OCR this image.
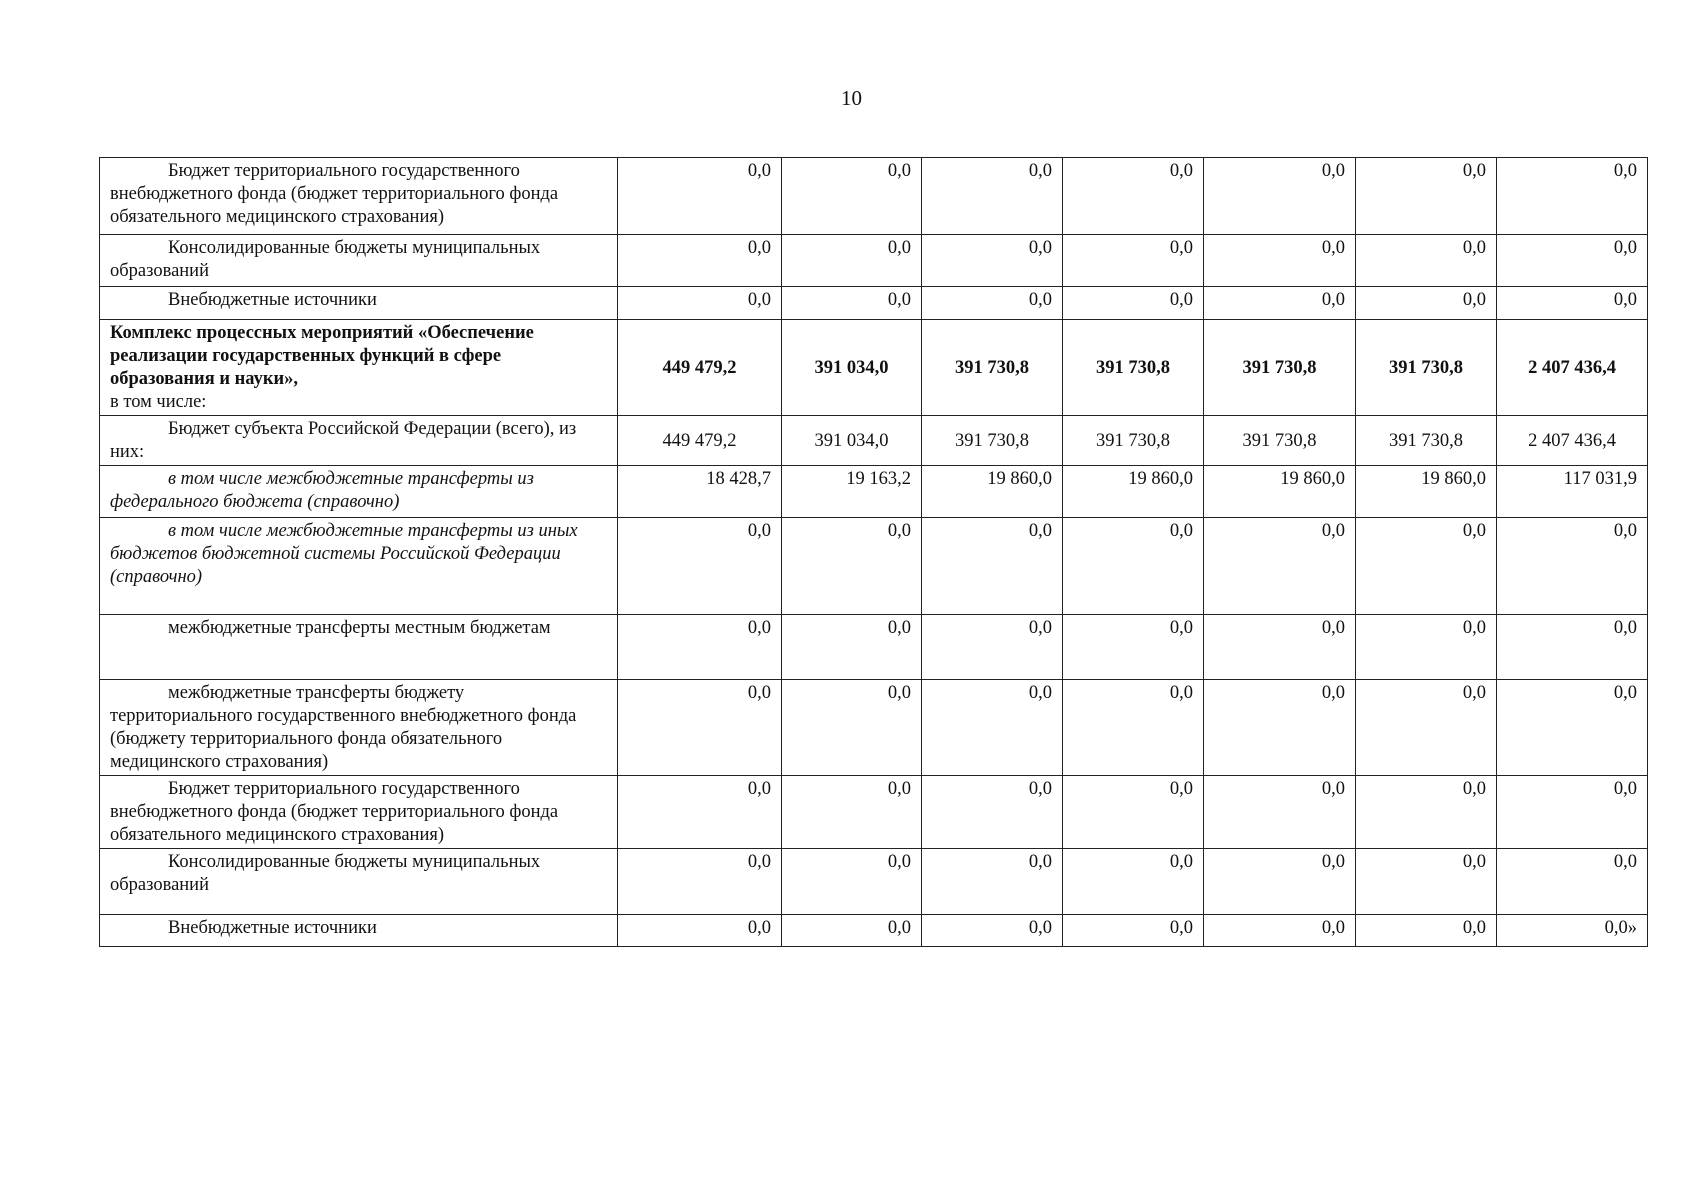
10
Бюджет территориального государственного внебюджетного фонда (бюджет территориального фонда обязательного медицинского страхования)	0,0	0,0	0,0	0,0	0,0	0,0	0,0
Консолидированные бюджеты муниципальных образований	0,0	0,0	0,0	0,0	0,0	0,0	0,0
Внебюджетные источники	0,0	0,0	0,0	0,0	0,0	0,0	0,0
Комплекс процессных мероприятий «Обеспечение реализации государственных функций в сфере образования и науки»,
в том числе:	449 479,2	391 034,0	391 730,8	391 730,8	391 730,8	391 730,8	2 407 436,4
Бюджет субъекта Российской Федерации (всего), из них:	449 479,2	391 034,0	391 730,8	391 730,8	391 730,8	391 730,8	2 407 436,4
в том числе межбюджетные трансферты из федерального бюджета (справочно)	18 428,7	19 163,2	19 860,0	19 860,0	19 860,0	19 860,0	117 031,9
в том числе межбюджетные трансферты из иных бюджетов бюджетной системы Российской Федерации (справочно)	0,0	0,0	0,0	0,0	0,0	0,0	0,0
межбюджетные трансферты местным бюджетам	0,0	0,0	0,0	0,0	0,0	0,0	0,0
межбюджетные трансферты бюджету территориального государственного внебюджетного фонда (бюджету территориального фонда обязательного медицинского страхования)	0,0	0,0	0,0	0,0	0,0	0,0	0,0
Бюджет территориального государственного внебюджетного фонда (бюджет территориального фонда обязательного медицинского страхования)	0,0	0,0	0,0	0,0	0,0	0,0	0,0
Консолидированные бюджеты муниципальных образований	0,0	0,0	0,0	0,0	0,0	0,0	0,0
Внебюджетные источники	0,0	0,0	0,0	0,0	0,0	0,0	0,0»
